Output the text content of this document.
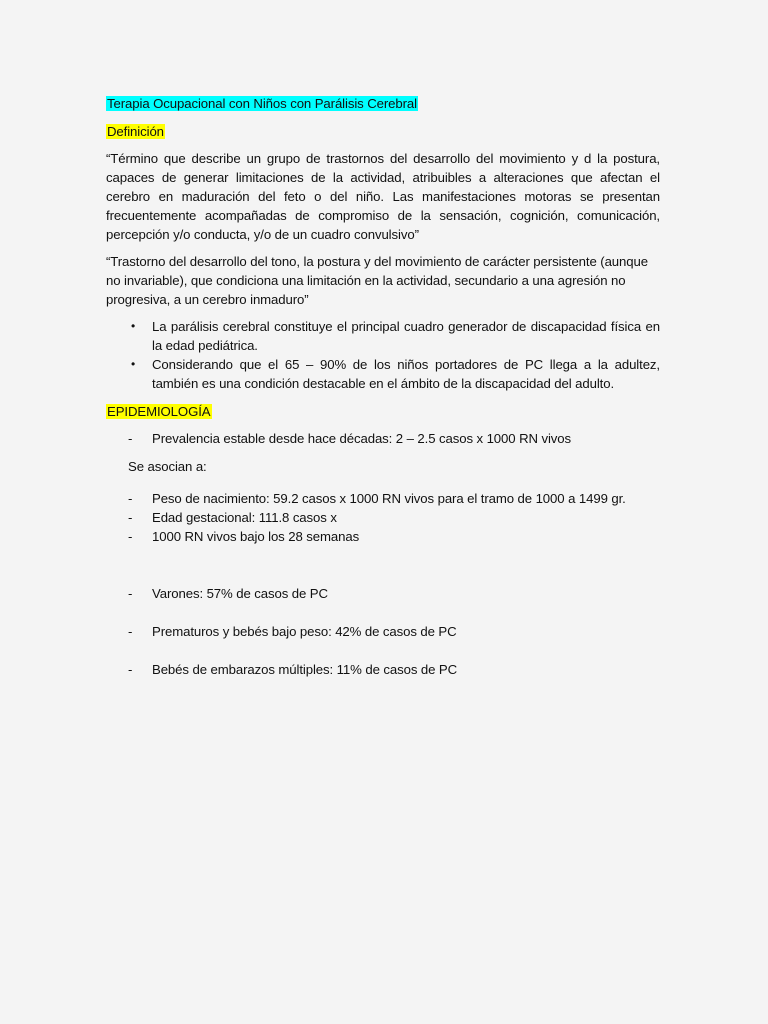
Terapia Ocupacional con Niños con Parálisis Cerebral
Definición

“Término que describe un grupo de trastornos del desarrollo del movimiento y d la postura, capaces de generar limitaciones de la actividad, atribuibles a alteraciones que afectan el cerebro en maduración del feto o del niño. Las manifestaciones motoras se presentan frecuentemente acompañadas de compromiso de la sensación, cognición, comunicación, percepción y/o conducta, y/o de un cuadro convulsivo”

“Trastorno del desarrollo del tono, la postura y del movimiento de carácter persistente (aunque no invariable), que condiciona una limitación en la actividad, secundario a una agresión no progresiva, a un cerebro inmaduro”

• La parálisis cerebral constituye el principal cuadro generador de discapacidad física en la edad pediátrica.
• Considerando que el 65 – 90% de los niños portadores de PC llega a la adultez, también es una condición destacable en el ámbito de la discapacidad del adulto.
EPIDEMIOLOGÍA
- Prevalencia estable desde hace décadas: 2 – 2.5 casos x 1000 RN vivos
Se asocian a:
- Peso de nacimiento: 59.2 casos x 1000 RN vivos para el tramo de 1000 a 1499 gr.
- Edad gestacional: 111.8 casos x
- 1000 RN vivos bajo los 28 semanas
- Varones: 57% de casos de PC
- Prematuros y bebés bajo peso: 42% de casos de PC
- Bebés de embarazos múltiples: 11% de casos de PC
